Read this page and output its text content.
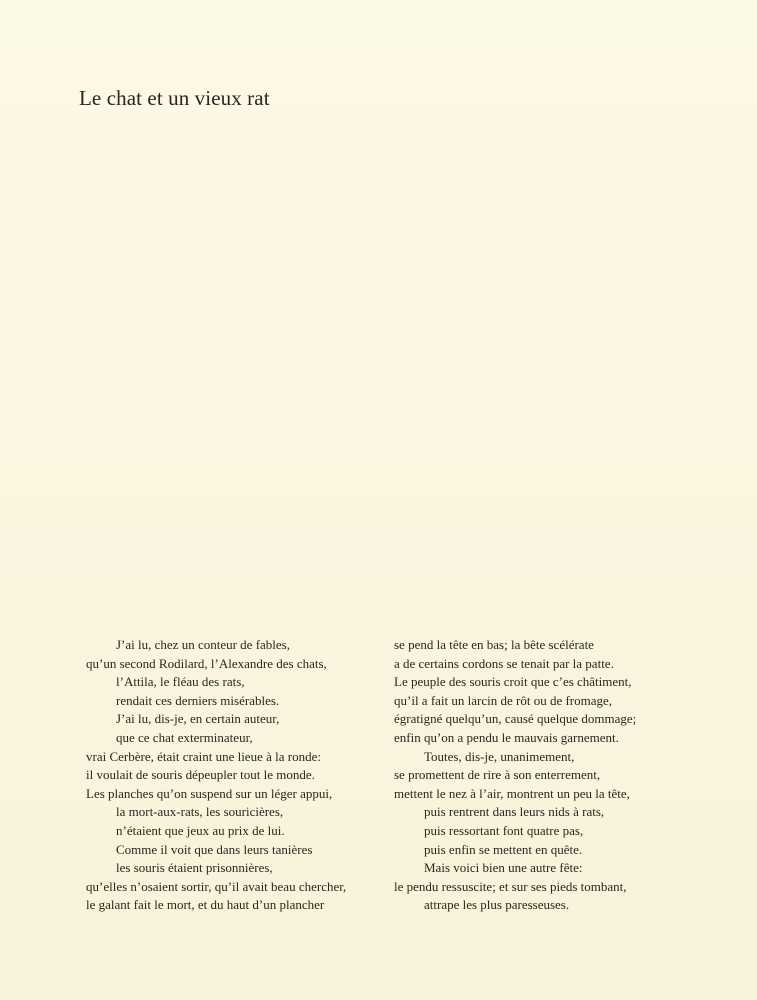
Le chat et un vieux rat
J’ai lu, chez un conteur de fables,
qu’un second Rodilard, l’Alexandre des chats,
l’Attila, le fléau des rats,
rendait ces derniers misérables.
J’ai lu, dis-je, en certain auteur,
que ce chat exterminateur,
vrai Cerbère, était craint une lieue à la ronde:
il voulait de souris dépeupler tout le monde.
Les planches qu’on suspend sur un léger appui,
la mort-aux-rats, les souricières,
n’étaient que jeux au prix de lui.
Comme il voit que dans leurs tanières
les souris étaient prisonnières,
qu’elles n’osaient sortir, qu’il avait beau chercher,
le galant fait le mort, et du haut d’un plancher
se pend la tête en bas; la bête scélérate
a de certains cordons se tenait par la patte.
Le peuple des souris croit que c’es châtiment,
qu’il a fait un larcin de rôt ou de fromage,
égratigné quelqu’un, causé quelque dommage;
enfin qu’on a pendu le mauvais garnement.
Toutes, dis-je, unanimement,
se promettent de rire à son enterrement,
mettent le nez à l’air, montrent un peu la tête,
puis rentrent dans leurs nids à rats,
puis ressortant font quatre pas,
puis enfin se mettent en quête.
Mais voici bien une autre fête:
le pendu ressuscite; et sur ses pieds tombant,
attrape les plus paresseuses.
